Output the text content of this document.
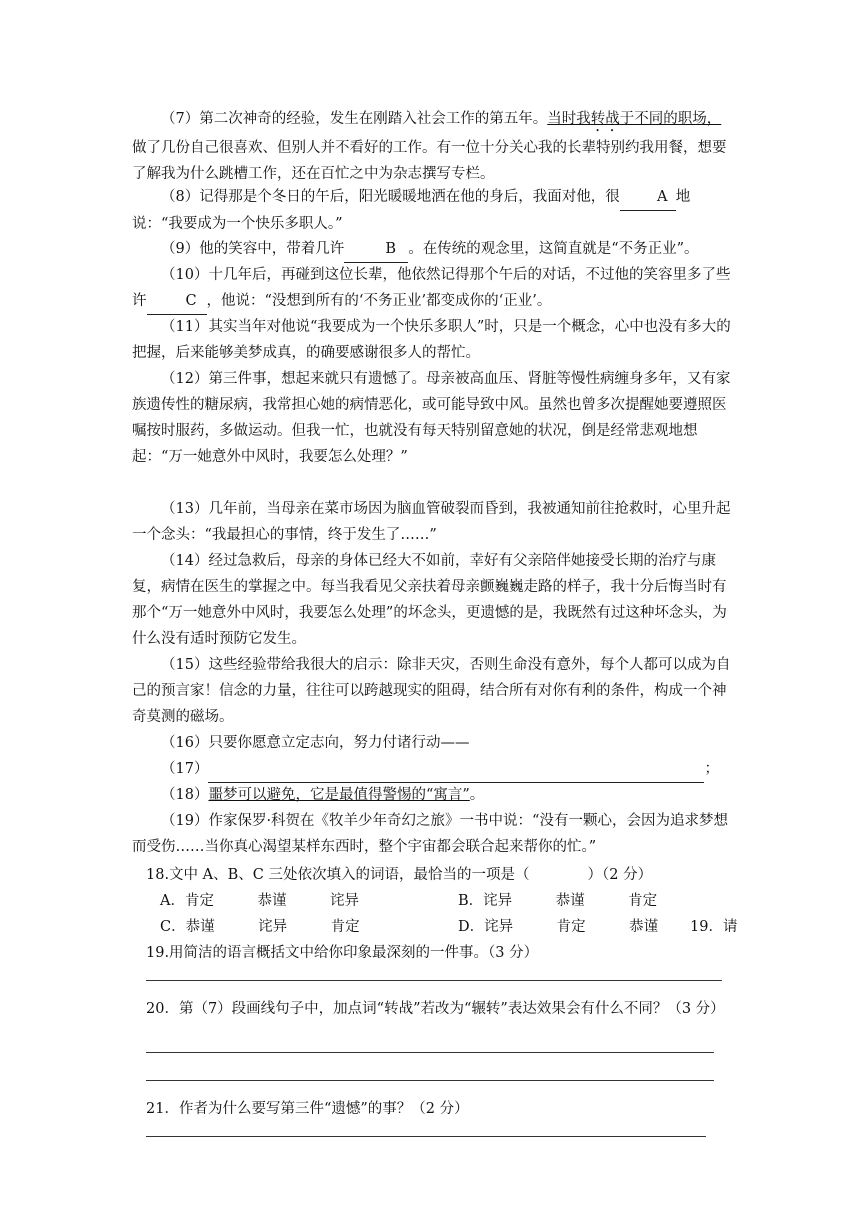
（7）第二次神奇的经验，发生在刚踏入社会工作的第五年。当时我转战于不同的职场，做了几份自己很喜欢、但别人并不看好的工作。有一位十分关心我的长辈特别约我用餐，想要了解我为什么跳槽工作，还在百忙之中为杂志撰写专栏。
（8）记得那是个冬日的午后，阳光暖暖地洒在他的身后，我面对他，很	A 地说：“我要成为一个快乐多职人。”
（9）他的笑容中，带着几许	B 。在传统的观念里，这简直就是“不务正业”。
（10）十几年后，再碰到这位长辈，他依然记得那个午后的对话，不过他的笑容里多了些许	C ，他说：“没想到所有的‘不务正业’都变成你的‘正业’。
（11）其实当年对他说“我要成为一个快乐多职人”时，只是一个概念，心中也没有多大的把握，后来能够美梦成真，的确要感谢很多人的帮忙。
（12）第三件事，想起来就只有遗憾了。母亲被高血压、肾脏等慢性病缠身多年，又有家族遗传性的糖尿病，我常担心她的病情恶化，或可能导致中风。虽然也曾多次提醒她要遵照医嘱按时服药，多做运动。但我一忙，也就没有每天特别留意她的状况，倒是经常悲观地想起：“万一她意外中风时，我要怎么处理？”
（13）几年前，当母亲在菜市场因为脑血管破裂而昏到，我被通知前往抢救时，心里升起一个念头：“我最担心的事情，终于发生了……”
（14）经过急救后，母亲的身体已经大不如前，幸好有父亲陪伴她接受长期的治疗与康复，病情在医生的掌握之中。每当我看见父亲扶着母亲颤巍巍走路的样子，我十分后悔当时有那个“万一她意外中风时，我要怎么处理”的坏念头，更遗憾的是，我既然有过这种坏念头，为什么没有适时预防它发生。
（15）这些经验带给我很大的启示：除非天灾，否则生命没有意外，每个人都可以成为自己的预言家！信念的力量，往往可以跨越现实的阻碍，结合所有对你有利的条件，构成一个神奇莫测的磁场。
（16）只要你愿意立定志向，努力付诸行动——
（17）	；
（18）噩梦可以避免，它是最值得警惕的“寓言”。
（19）作家保罗·科贺在《牧羊少年奇幻之旅》一书中说：“没有一颗心，会因为追求梦想而受伤……当你真心渴望某样东西时，整个宇宙都会联合起来帮你的忙。”
18.文中 A、B、C 三处依次填入的词语，最恰当的一项是（　　　　）（2 分）
A．肯定　　　恭谨　　　诧异	B．诧异　　　恭谨　　　肯定
C．恭谨　　　诧异　　　肯定	D．诧异　　　肯定　　　恭谨 19．请
19.用简洁的语言概括文中给你印象最深刻的一件事。（3 分）
20．第（7）段画线句子中，加点词“转战”若改为“辗转”表达效果会有什么不同？（3 分）
21．作者为什么要写第三件“遗憾”的事？（2 分）
